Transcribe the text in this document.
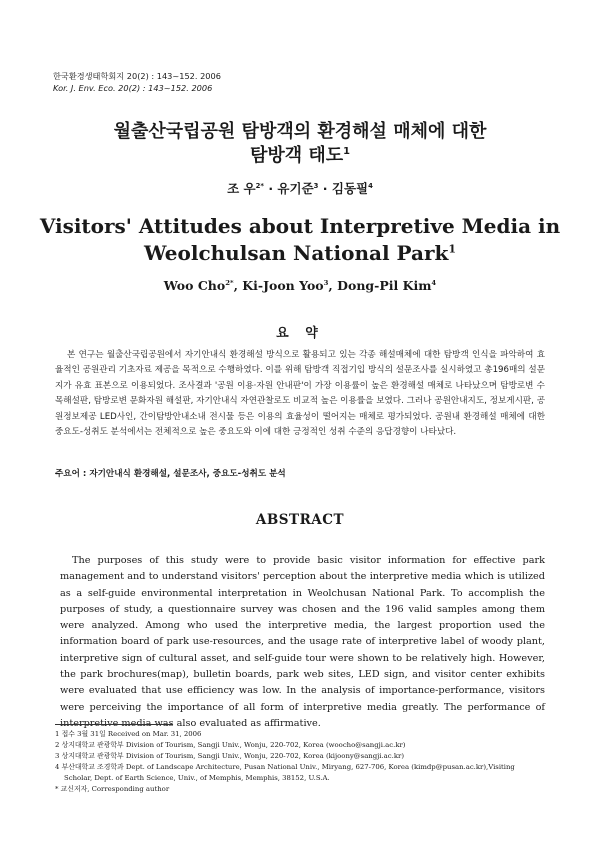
한국환경생태학회지 20(2) : 143~152. 2006
Kor. J. Env. Eco. 20(2) : 143~152. 2006
월출산국립공원 탐방객의 환경해설 매체에 대한
탐방객 태도$^1$
조 우$^{2*}$ · 유기준$^3$ · 김동필$^4$
Visitors' Attitudes about Interpretive Media in
Weolchulsan National Park$^1$
Woo Cho$^{2*}$, Ki-Joon Yoo$^3$, Dong-Pil Kim$^4$
요 약
본 연구는 월출산국립공원에서 자기안내식 환경해설 방식으로 활용되고 있는 각종 해설매체에 대한 탐방객 인식을 파악하여 효율적인 공원관리 기초자료 제공을 목적으로 수행하였다. 이를 위해 탐방객 직접기입 방식의 설문조사를 실시하였고 총196매의 설문지가 유효 표본으로 이용되었다. 조사결과 '공원 이용·자원 안내판'이 가장 이용률이 높은 환경해설 매체로 나타났으며 탐방로변 수목해설판, 탐방로변 문화자원 해설판, 자기안내식 자연관찰로도 비교적 높은 이용률을 보였다. 그러나 공원안내지도, 정보게시판, 공원정보제공 LED사인, 간이탐방안내소내 전시물 등은 이용의 효율성이 떨어지는 매체로 평가되었다. 공원내 환경해설 매체에 대한 중요도-성취도 분석에서는 전체적으로 높은 중요도와 이에 대한 긍정적인 성취 수준의 응답경향이 나타났다.
주요어 : 자기안내식 환경해설, 설문조사, 중요도-성취도 분석
ABSTRACT
The purposes of this study were to provide basic visitor information for effective park management and to understand visitors' perception about the interpretive media which is utilized as a self-guide environmental interpretation in Weolchusan National Park. To accomplish the purposes of study, a questionnaire survey was chosen and the 196 valid samples among them were analyzed. Among who used the interpretive media, the largest proportion used the information board of park use-resources, and the usage rate of interpretive label of woody plant, interpretive sign of cultural asset, and self-guide tour were shown to be relatively high. However, the park brochures(map), bulletin boards, park web sites, LED sign, and visitor center exhibits were evaluated that use efficiency was low. In the analysis of importance-performance, visitors were perceiving the importance of all form of interpretive media greatly. The performance of interpretive media was also evaluated as affirmative.
1 접수 3월 31일 Received on Mar. 31, 2006
2 상지대학교 관광학부 Division of Tourism, Sangji Univ., Wonju, 220-702, Korea (woocho@sangji.ac.kr)
3 상지대학교 관광학부 Division of Tourism, Sangji Univ., Wonju, 220-702, Korea (kijoony@sangji.ac.kr)
4 부산대학교 조경학과 Dept. of Landscape Architecture, Pusan National Univ., Miryang, 627-706, Korea (kimdp@pusan.ac.kr),Visiting
Scholar, Dept. of Earth Science, Univ., of Memphis, Memphis, 38152, U.S.A.
* 교신저자, Corresponding author
